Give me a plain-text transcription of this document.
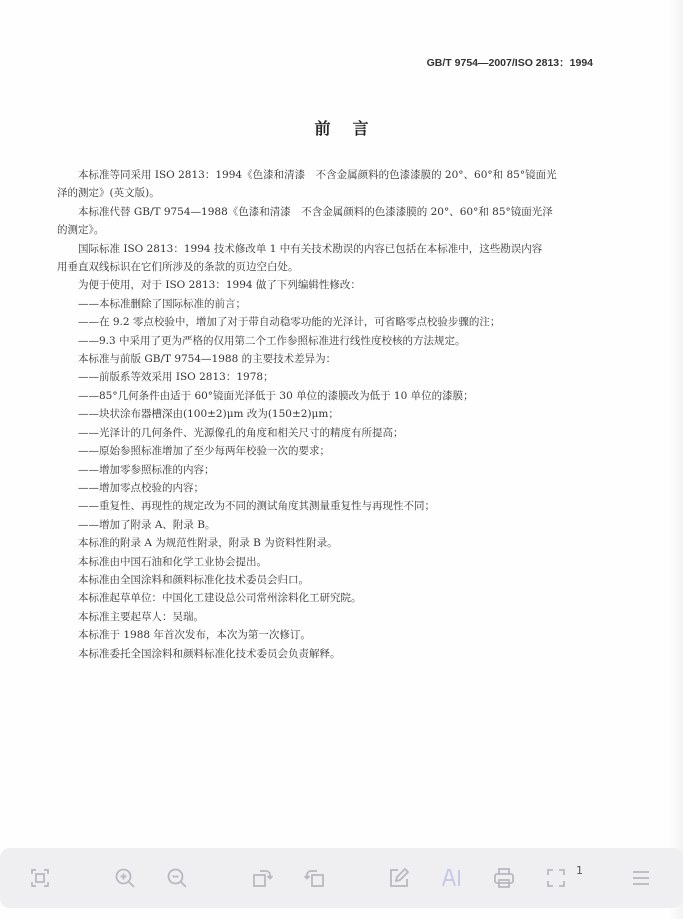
GB/T 9754—2007/ISO 2813：1994
前言

本标准等同采用 ISO 2813：1994《色漆和清漆　不含金属颜料的色漆漆膜的 20°、60°和 85°镜面光

泽的测定》(英文版)。

本标准代替 GB/T 9754—1988《色漆和清漆　不含金属颜料的色漆漆膜的 20°、60°和 85°镜面光泽

的测定》。

国际标准 ISO 2813：1994 技术修改单 1 中有关技术勘误的内容已包括在本标准中，这些勘误内容

用垂直双线标识在它们所涉及的条款的页边空白处。

为便于使用，对于 ISO 2813：1994 做了下列编辑性修改：

——本标准删除了国际标准的前言；

——在 9.2 零点校验中，增加了对于带自动稳零功能的光泽计，可省略零点校验步骤的注；

——9.3 中采用了更为严格的仅用第二个工作参照标准进行线性度校核的方法规定。

本标准与前版 GB/T 9754—1988 的主要技术差异为：

——前版系等效采用 ISO 2813：1978；

——85°几何条件由适于 60°镜面光泽低于 30 单位的漆膜改为低于 10 单位的漆膜；

——块状涂布器槽深由(100±2)μm 改为(150±2)μm；

——光泽计的几何条件、光源像孔的角度和相关尺寸的精度有所提高；

——原始参照标准增加了至少每两年校验一次的要求；

——增加零参照标准的内容；

——增加零点校验的内容；

——重复性、再现性的规定改为不同的测试角度其测量重复性与再现性不同；

——增加了附录 A、附录 B。

本标准的附录 A 为规范性附录，附录 B 为资料性附录。

本标准由中国石油和化学工业协会提出。

本标准由全国涂料和颜料标准化技术委员会归口。

本标准起草单位：中国化工建设总公司常州涂料化工研究院。

本标准主要起草人：吴瑞。

本标准于 1988 年首次发布，本次为第一次修订。

本标准委托全国涂料和颜料标准化技术委员会负责解释。

1
